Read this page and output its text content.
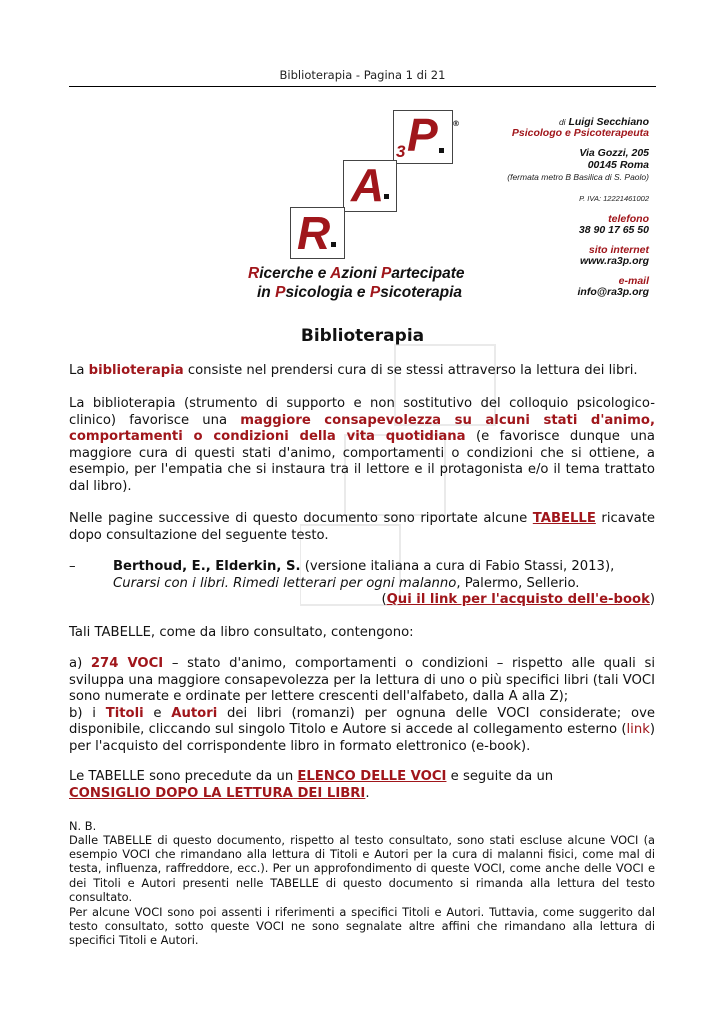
Biblioterapia - Pagina 1 di 21
P
3
®
A
R
Ricerche e Azioni Partecipate
in Psicologia e Psicoterapia
di Luigi Secchiano
Psicologo e Psicoterapeuta
Via Gozzi, 205
00145 Roma
(fermata metro B Basilica di S. Paolo)
P. IVA: 12221461002
telefono
38 90 17 65 50
sito internet
www.ra3p.org
e-mail
info@ra3p.org
Biblioterapia
La biblioterapia consiste nel prendersi cura di se stessi attraverso la lettura dei libri.
La biblioterapia (strumento di supporto e non sostitutivo del colloquio psicologico-clinico) favorisce una maggiore consapevolezza su alcuni stati d'animo, comportamenti o condizioni della vita quotidiana (e favorisce dunque una maggiore cura di questi stati d'animo, comportamenti o condizioni che si ottiene, a esempio, per l'empatia che si instaura tra il lettore e il protagonista e/o il tema trattato dal libro).
Nelle pagine successive di questo documento sono riportate alcune TABELLE ricavate dopo consultazione del seguente testo.
–	Berthoud, E., Elderkin, S. (versione italiana a cura di Fabio Stassi, 2013),
Curarsi con i libri. Rimedi letterari per ogni malanno, Palermo, Sellerio.
(Qui il link per l'acquisto dell'e-book)
Tali TABELLE, come da libro consultato, contengono:
a) 274 VOCI – stato d'animo, comportamenti o condizioni – rispetto alle quali si sviluppa una maggiore consapevolezza per la lettura di uno o più specifici libri (tali VOCI sono numerate e ordinate per lettere crescenti dell'alfabeto, dalla A alla Z);
b) i Titoli e Autori dei libri (romanzi) per ognuna delle VOCI considerate; ove disponibile, cliccando sul singolo Titolo e Autore si accede al collegamento esterno (link) per l'acquisto del corrispondente libro in formato elettronico (e-book).
Le TABELLE sono precedute da un ELENCO DELLE VOCI e seguite da un
CONSIGLIO DOPO LA LETTURA DEI LIBRI.
N. B.
Dalle TABELLE di questo documento, rispetto al testo consultato, sono stati escluse alcune VOCI (a esempio VOCI che rimandano alla lettura di Titoli e Autori per la cura di malanni fisici, come mal di testa, influenza, raffreddore, ecc.). Per un approfondimento di queste VOCI, come anche delle VOCI e dei Titoli e Autori presenti nelle TABELLE di questo documento si rimanda alla lettura del testo consultato.
Per alcune VOCI sono poi assenti i riferimenti a specifici Titoli e Autori. Tuttavia, come suggerito dal testo consultato, sotto queste VOCI ne sono segnalate altre affini che rimandano alla lettura di specifici Titoli e Autori.
